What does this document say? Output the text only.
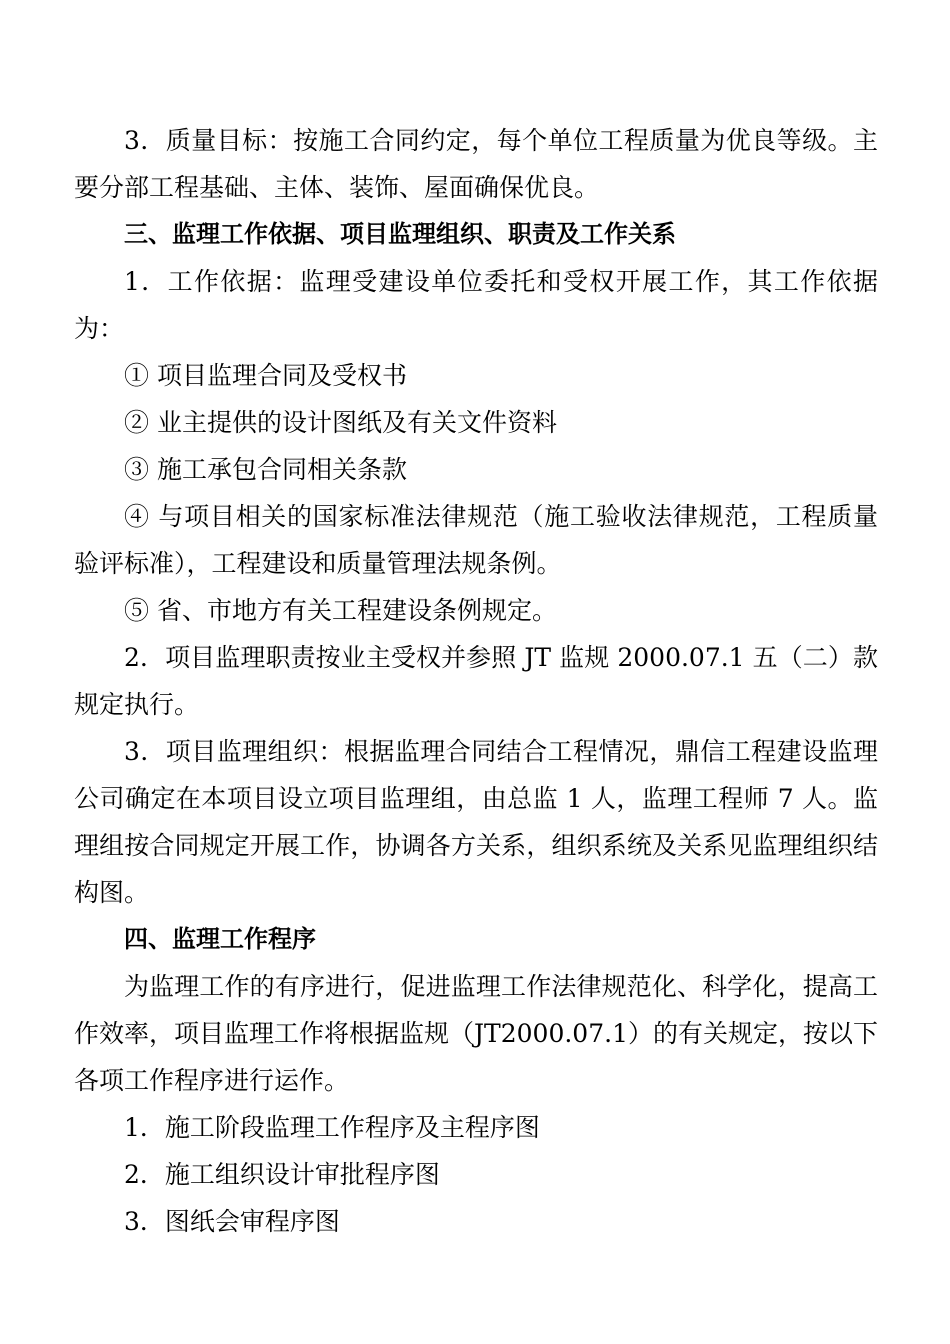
3．质量目标：按施工合同约定，每个单位工程质量为优良等级。主要分部工程基础、主体、装饰、屋面确保优良。

三、监理工作依据、项目监理组织、职责及工作关系

1．工作依据：监理受建设单位委托和受权开展工作，其工作依据为：

① 项目监理合同及受权书

② 业主提供的设计图纸及有关文件资料

③ 施工承包合同相关条款

④ 与项目相关的国家标准法律规范（施工验收法律规范，工程质量验评标准），工程建设和质量管理法规条例。

⑤ 省、市地方有关工程建设条例规定。

2．项目监理职责按业主受权并参照 JT 监规 2000.07.1 五（二）款规定执行。

3．项目监理组织：根据监理合同结合工程情况，鼎信工程建设监理公司确定在本项目设立项目监理组，由总监 1 人，监理工程师 7 人。监理组按合同规定开展工作，协调各方关系，组织系统及关系见监理组织结构图。

四、监理工作程序

为监理工作的有序进行，促进监理工作法律规范化、科学化，提高工作效率，项目监理工作将根据监规（JT2000.07.1）的有关规定，按以下各项工作程序进行运作。

1．施工阶段监理工作程序及主程序图

2．施工组织设计审批程序图

3．图纸会审程序图
